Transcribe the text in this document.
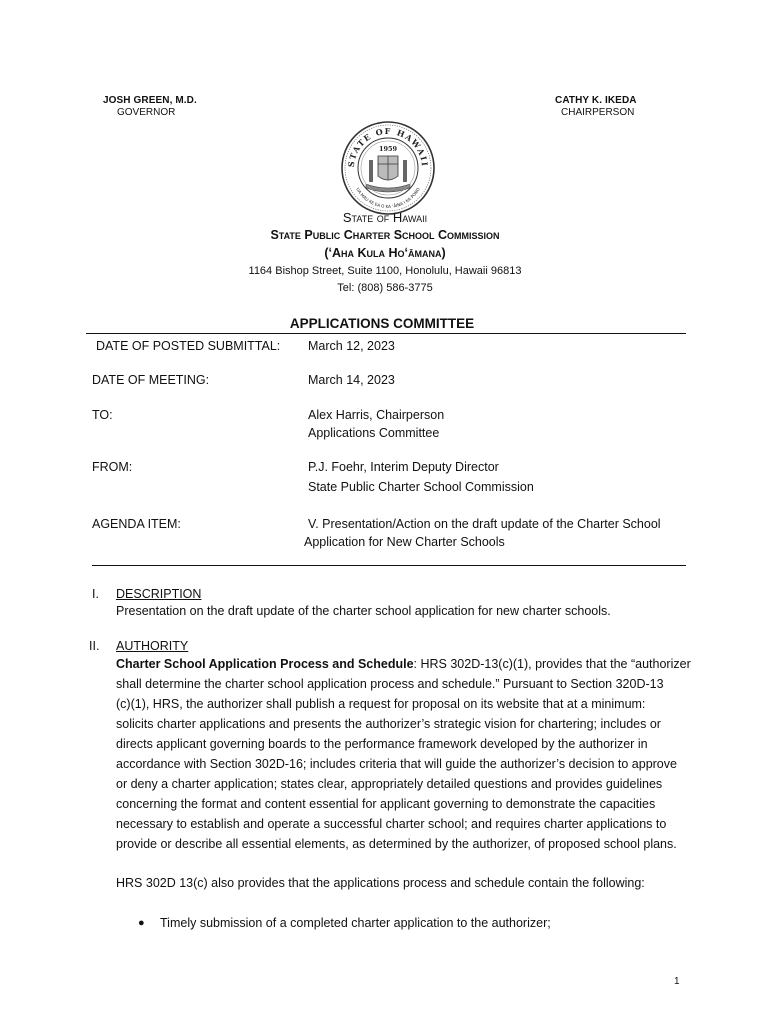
JOSH GREEN, M.D.
GOVERNOR
CATHY K. IKEDA
CHAIRPERSON
STATE OF HAWAII
UA MAU KE EA O KA ʻĀINA I KA PONO
1959
State of Hawaii
State Public Charter School Commission
(ʻAha Kula Hoʻāmana)
1164 Bishop Street, Suite 1100, Honolulu, Hawaii 96813
Tel: (808) 586-3775
APPLICATIONS COMMITTEE
DATE OF POSTED SUBMITTAL: March 12, 2023
DATE OF MEETING:	March 14, 2023
TO:	Alex Harris, Chairperson
Applications Committee
FROM:	P.J. Foehr, Interim Deputy Director
State Public Charter School Commission
AGENDA ITEM:	V. Presentation/Action on the draft update of the Charter School
Application for New Charter Schools
I. DESCRIPTION
Presentation on the draft update of the charter school application for new charter schools.
II. AUTHORITY
Charter School Application Process and Schedule: HRS 302D-13(c)(1), provides that the “authorizer
shall determine the charter school application process and schedule.” Pursuant to Section 320D-13
(c)(1), HRS, the authorizer shall publish a request for proposal on its website that at a minimum:
solicits charter applications and presents the authorizer’s strategic vision for chartering; includes or
directs applicant governing boards to the performance framework developed by the authorizer in
accordance with Section 302D-16; includes criteria that will guide the authorizer’s decision to approve
or deny a charter application; states clear, appropriately detailed questions and provides guidelines
concerning the format and content essential for applicant governing to demonstrate the capacities
necessary to establish and operate a successful charter school; and requires charter applications to
provide or describe all essential elements, as determined by the authorizer, of proposed school plans.
HRS 302D 13(c) also provides that the applications process and schedule contain the following:
● Timely submission of a completed charter application to the authorizer;
1
